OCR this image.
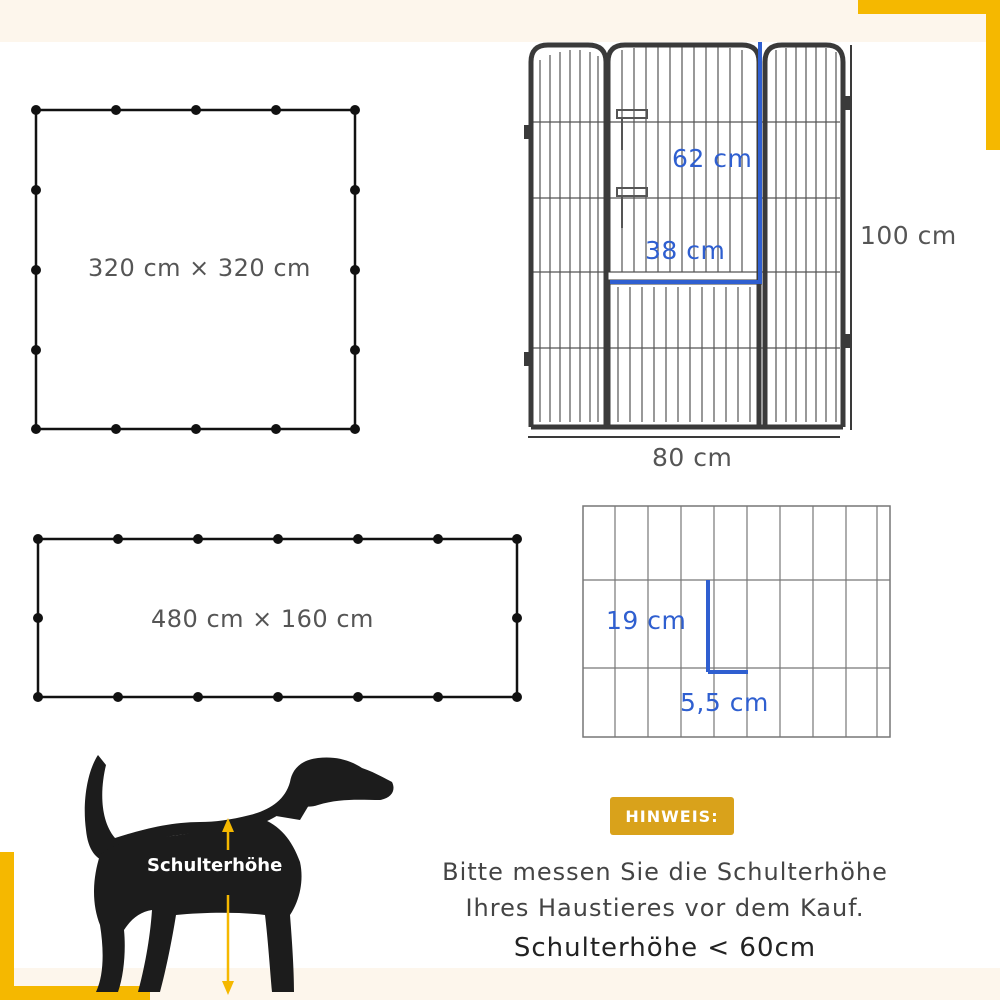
320 cm × 320 cm
480 cm × 160 cm
62 cm
38 cm
100 cm
80 cm
19 cm
5,5 cm
Schulterhöhe
HINWEIS:
Bitte messen Sie die Schulterhöhe
Ihres Haustieres vor dem Kauf.
Schulterhöhe < 60cm
